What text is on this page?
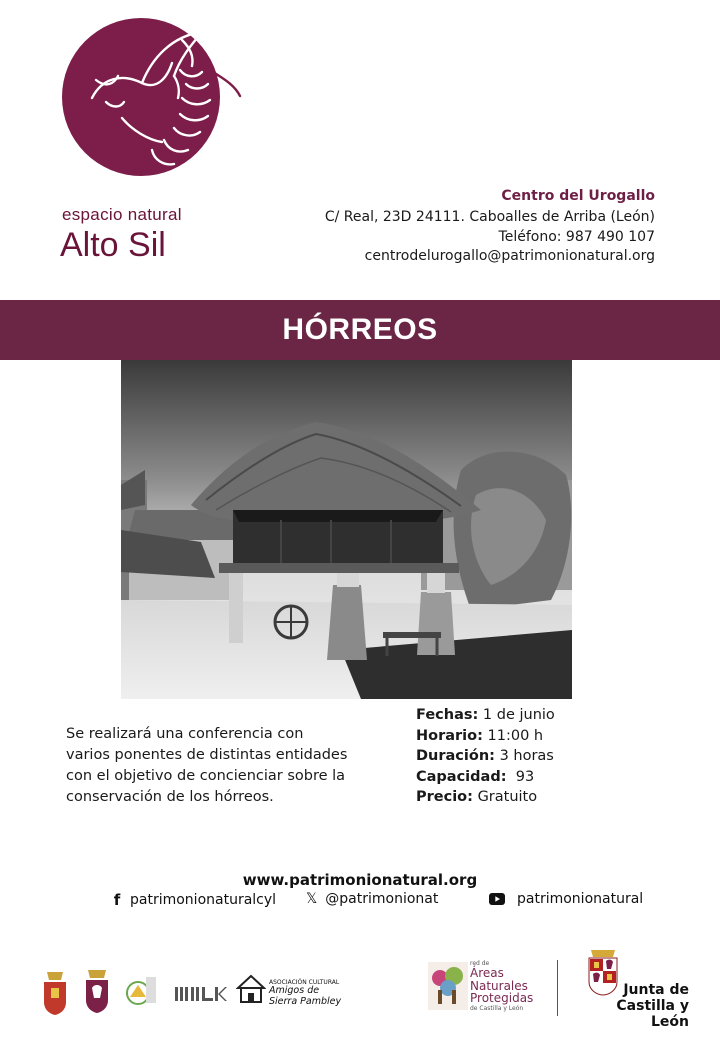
espacio natural
Alto Sil
Centro del Urogallo
C/ Real, 23D 24111. Caboalles de Arriba (León)
Teléfono: 987 490 107
centrodelurogallo@patrimonionatural.org
HÓRREOS
Se realizará una conferencia con varios ponentes de distintas entidades con el objetivo de concienciar sobre la conservación de los hórreos.
Fechas: 1 de junio
Horario: 11:00 h
Duración: 3 horas
Capacidad: 93
Precio: Gratuito
www.patrimonionatural.org
f patrimonionaturalcyl 𝕏 @patrimonionat	patrimonionatural
ASOCIACIÓN CULTURAL
Amigos de Sierra Pambley
red de
Áreas Naturales Protegidas
de Castilla y León
Junta de Castilla y León
